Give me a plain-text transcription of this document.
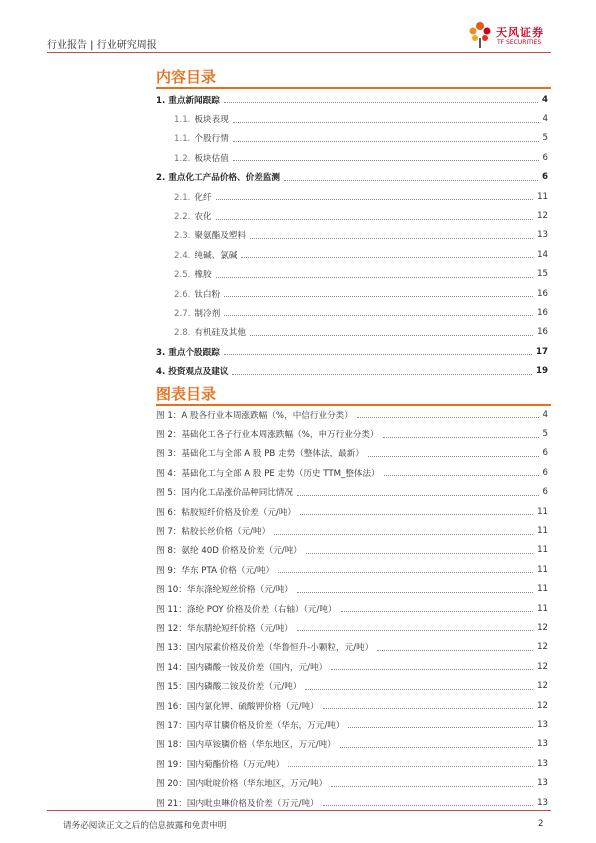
行业报告 | 行业研究周报
天风证券
TF SECURITIES
内容目录
1. 重点新闻跟踪	4
1.1. 板块表现	4
1.1. 个股行情	5
1.2. 板块估值	6
2. 重点化工产品价格、价差监测	6
2.1. 化纤	11
2.2. 农化	12
2.3. 聚氨酯及塑料	13
2.4. 纯碱、氯碱	14
2.5. 橡胶	15
2.6. 钛白粉	16
2.7. 制冷剂	16
2.8. 有机硅及其他	16
3. 重点个股跟踪	17
4. 投资观点及建议	19
图表目录
图 1：A 股各行业本周涨跌幅（%，中信行业分类）	4
图 2：基础化工各子行业本周涨跌幅（%，申万行业分类）	5
图 3：基础化工与全部 A 股 PB 走势（整体法，最新）	6
图 4：基础化工与全部 A 股 PE 走势（历史 TTM_整体法）	6
图 5：国内化工品涨价品种同比情况	6
图 6：粘胶短纤价格及价差（元/吨）	11
图 7：粘胶长丝价格（元/吨）	11
图 8：氨纶 40D 价格及价差（元/吨）	11
图 9：华东 PTA 价格（元/吨）	11
图 10：华东涤纶短丝价格（元/吨）	11
图 11：涤纶 POY 价格及价差（右轴）（元/吨）	11
图 12：华东腈纶短纤价格（元/吨）	12
图 13：国内尿素价格及价差（华鲁恒升-小颗粒，元/吨）	12
图 14：国内磷酸一铵及价差（国内，元/吨）	12
图 15：国内磷酸二铵及价差（元/吨）	12
图 16：国内氯化钾、硫酸钾价格（元/吨）	12
图 17：国内草甘膦价格及价差（华东，万元/吨）	13
图 18：国内草铵膦价格（华东地区，万元/吨）	13
图 19：国内菊酯价格（万元/吨）	13
图 20：国内吡啶价格（华东地区，万元/吨）	13
图 21：国内吡虫啉价格及价差（万元/吨）	13
请务必阅读正文之后的信息披露和免责申明	2
